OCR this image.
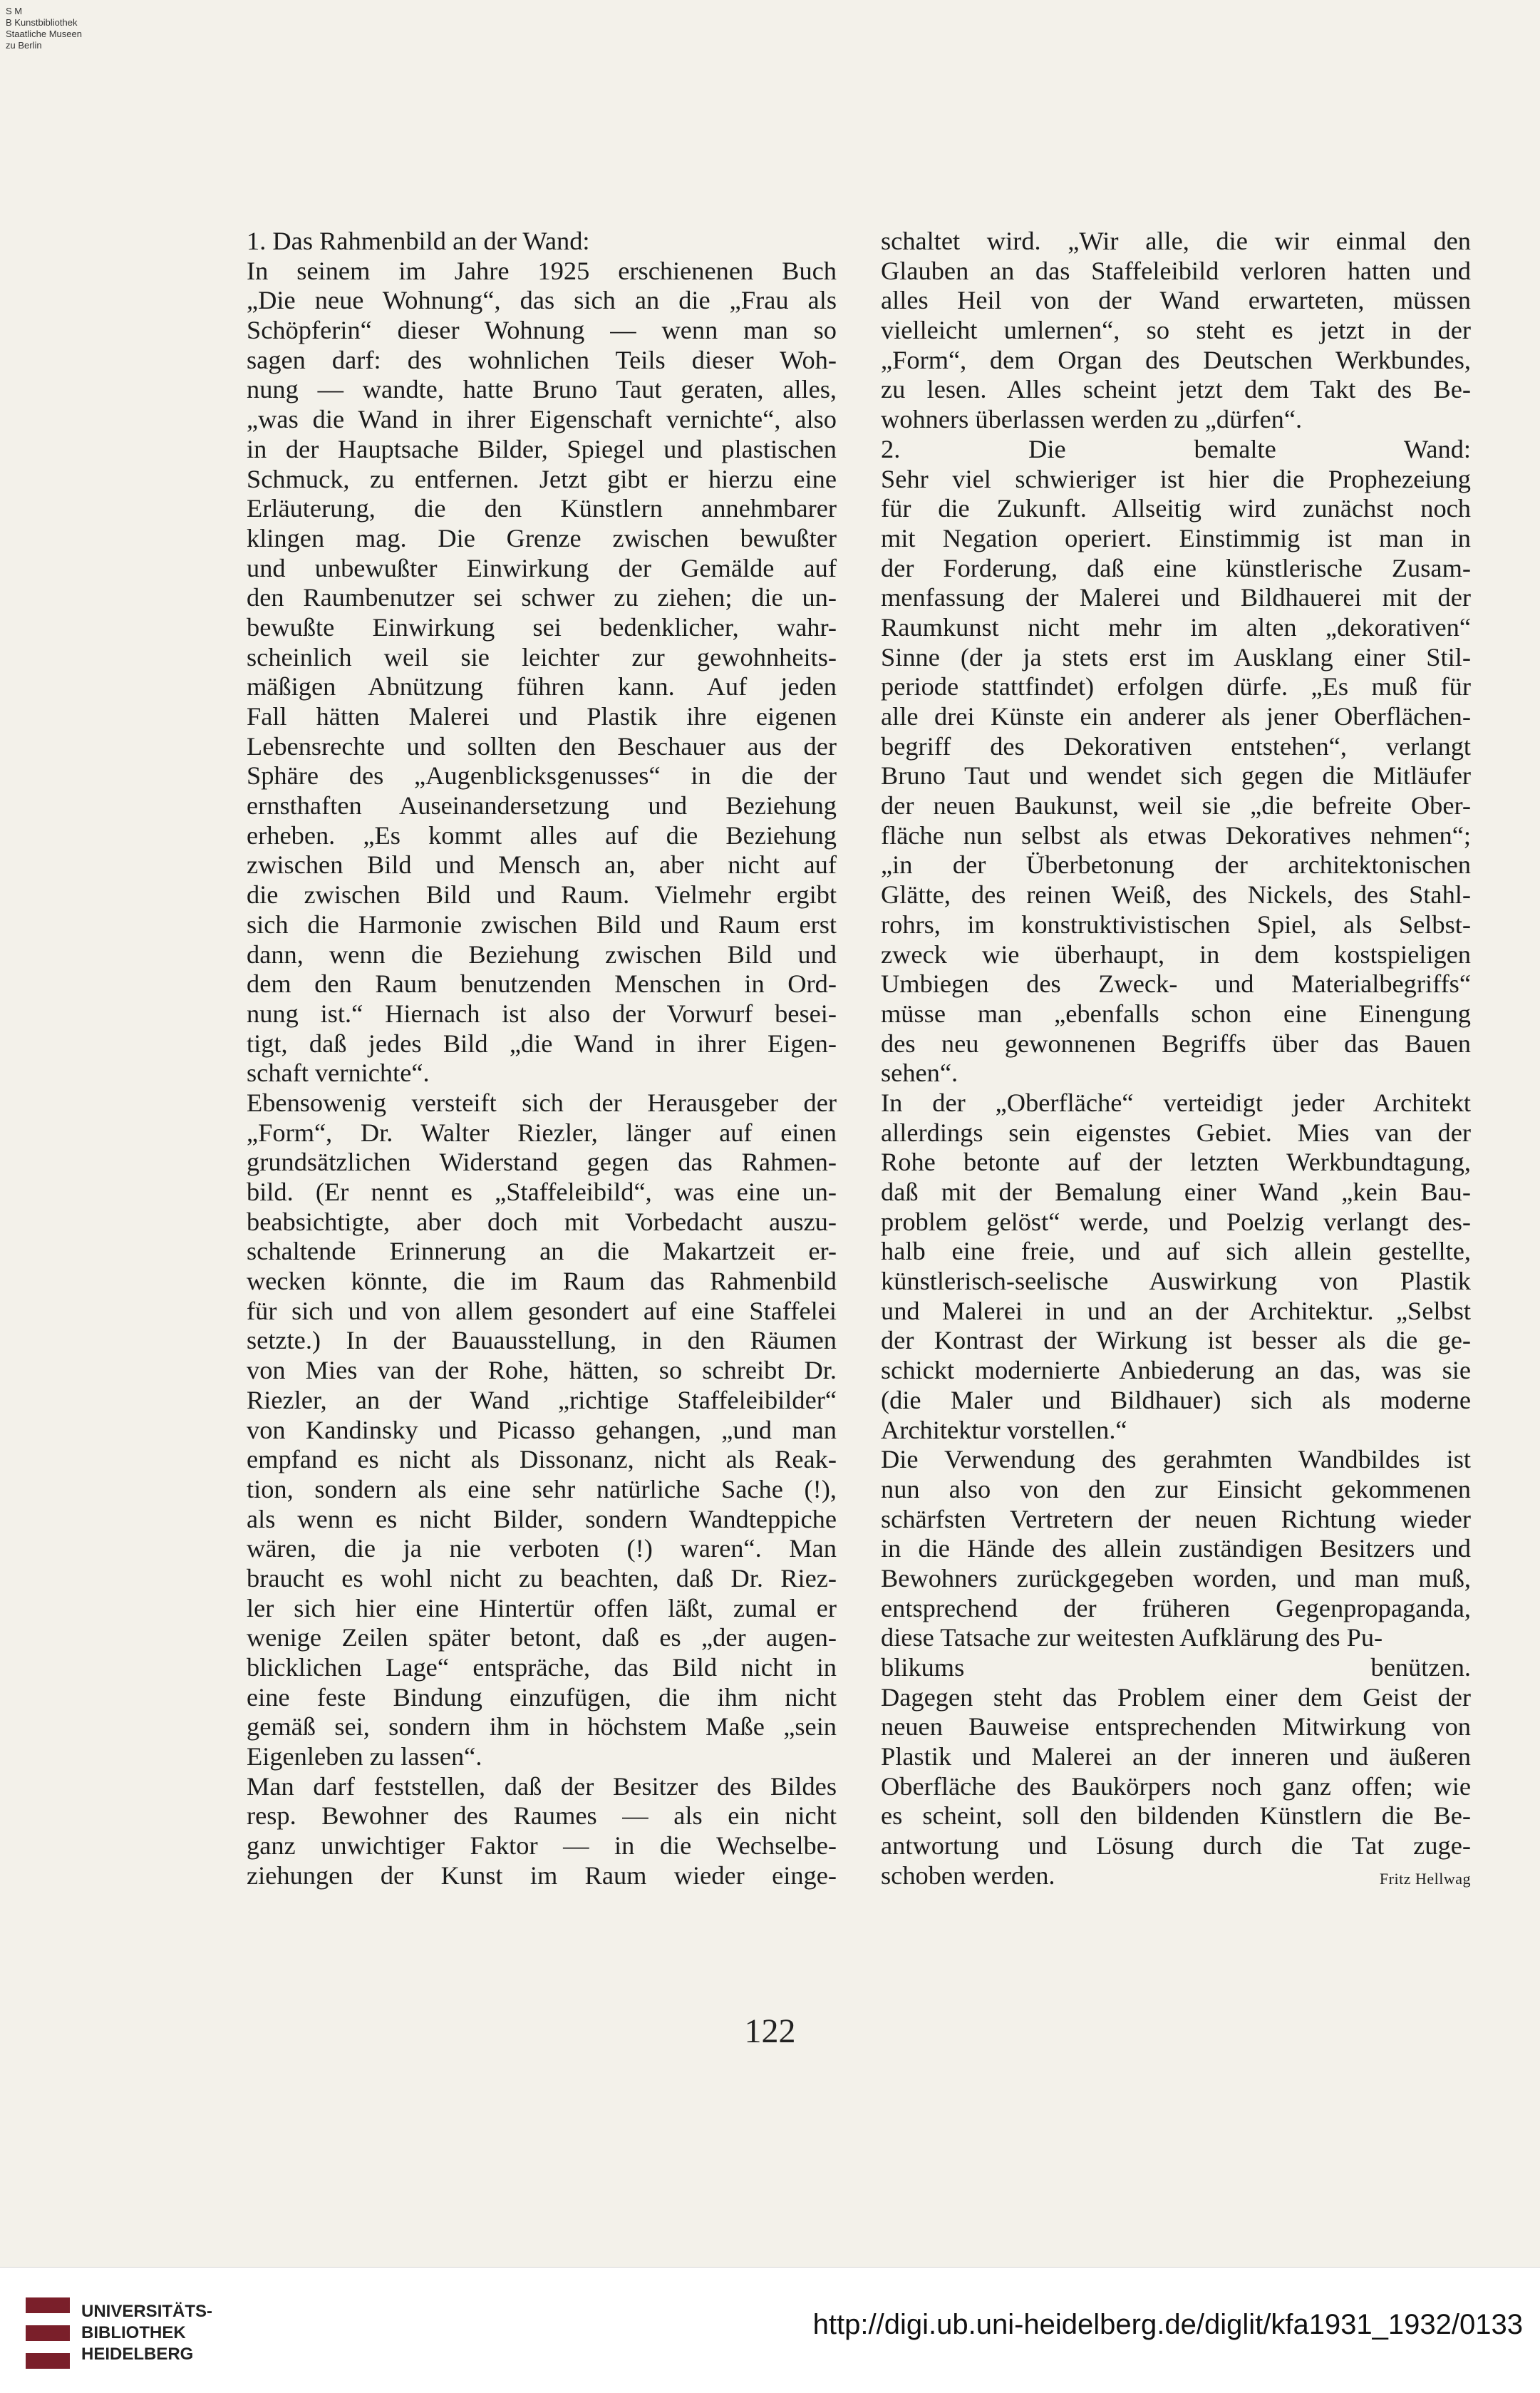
S M
B Kunstbibliothek
Staatliche Museen
zu Berlin
1. Das Rahmenbild an der Wand:
In seinem im Jahre 1925 erschienenen Buch
„Die neue Wohnung“, das sich an die „Frau als
Schöpferin“ dieser Wohnung — wenn man so
sagen darf: des wohnlichen Teils dieser Woh-
nung — wandte, hatte Bruno Taut geraten, alles,
„was die Wand in ihrer Eigenschaft vernichte“, also
in der Hauptsache Bilder, Spiegel und plastischen
Schmuck, zu entfernen. Jetzt gibt er hierzu eine
Erläuterung, die den Künstlern annehmbarer
klingen mag. Die Grenze zwischen bewußter
und unbewußter Einwirkung der Gemälde auf
den Raumbenutzer sei schwer zu ziehen; die un-
bewußte Einwirkung sei bedenklicher, wahr-
scheinlich weil sie leichter zur gewohnheits-
mäßigen Abnützung führen kann. Auf jeden
Fall hätten Malerei und Plastik ihre eigenen
Lebensrechte und sollten den Beschauer aus der
Sphäre des „Augenblicksgenusses“ in die der
ernsthaften Auseinandersetzung und Beziehung
erheben. „Es kommt alles auf die Beziehung
zwischen Bild und Mensch an, aber nicht auf
die zwischen Bild und Raum. Vielmehr ergibt
sich die Harmonie zwischen Bild und Raum erst
dann, wenn die Beziehung zwischen Bild und
dem den Raum benutzenden Menschen in Ord-
nung ist.“ Hiernach ist also der Vorwurf besei-
tigt, daß jedes Bild „die Wand in ihrer Eigen-
schaft vernichte“.
Ebensowenig versteift sich der Herausgeber der
„Form“, Dr. Walter Riezler, länger auf einen
grundsätzlichen Widerstand gegen das Rahmen-
bild. (Er nennt es „Staffeleibild“, was eine un-
beabsichtigte, aber doch mit Vorbedacht auszu-
schaltende Erinnerung an die Makartzeit er-
wecken könnte, die im Raum das Rahmenbild
für sich und von allem gesondert auf eine Staffelei
setzte.) In der Bauausstellung, in den Räumen
von Mies van der Rohe, hätten, so schreibt Dr.
Riezler, an der Wand „richtige Staffeleibilder“
von Kandinsky und Picasso gehangen, „und man
empfand es nicht als Dissonanz, nicht als Reak-
tion, sondern als eine sehr natürliche Sache (!),
als wenn es nicht Bilder, sondern Wandteppiche
wären, die ja nie verboten (!) waren“. Man
braucht es wohl nicht zu beachten, daß Dr. Riez-
ler sich hier eine Hintertür offen läßt, zumal er
wenige Zeilen später betont, daß es „der augen-
blicklichen Lage“ entspräche, das Bild nicht in
eine feste Bindung einzufügen, die ihm nicht
gemäß sei, sondern ihm in höchstem Maße „sein
Eigenleben zu lassen“.
Man darf feststellen, daß der Besitzer des Bildes
resp. Bewohner des Raumes — als ein nicht
ganz unwichtiger Faktor — in die Wechselbe-
ziehungen der Kunst im Raum wieder einge-
schaltet wird. „Wir alle, die wir einmal den
Glauben an das Staffeleibild verloren hatten und
alles Heil von der Wand erwarteten, müssen
vielleicht umlernen“, so steht es jetzt in der
„Form“, dem Organ des Deutschen Werkbundes,
zu lesen. Alles scheint jetzt dem Takt des Be-
wohners überlassen werden zu „dürfen“.
2. Die bemalte Wand:
Sehr viel schwieriger ist hier die Prophezeiung
für die Zukunft. Allseitig wird zunächst noch
mit Negation operiert. Einstimmig ist man in
der Forderung, daß eine künstlerische Zusam-
menfassung der Malerei und Bildhauerei mit der
Raumkunst nicht mehr im alten „dekorativen“
Sinne (der ja stets erst im Ausklang einer Stil-
periode stattfindet) erfolgen dürfe. „Es muß für
alle drei Künste ein anderer als jener Oberflächen-
begriff des Dekorativen entstehen“, verlangt
Bruno Taut und wendet sich gegen die Mitläufer
der neuen Baukunst, weil sie „die befreite Ober-
fläche nun selbst als etwas Dekoratives nehmen“;
„in der Überbetonung der architektonischen
Glätte, des reinen Weiß, des Nickels, des Stahl-
rohrs, im konstruktivistischen Spiel, als Selbst-
zweck wie überhaupt, in dem kostspieligen
Umbiegen des Zweck- und Materialbegriffs“
müsse man „ebenfalls schon eine Einengung
des neu gewonnenen Begriffs über das Bauen
sehen“.
In der „Oberfläche“ verteidigt jeder Architekt
allerdings sein eigenstes Gebiet. Mies van der
Rohe betonte auf der letzten Werkbundtagung,
daß mit der Bemalung einer Wand „kein Bau-
problem gelöst“ werde, und Poelzig verlangt des-
halb eine freie, und auf sich allein gestellte,
künstlerisch-seelische Auswirkung von Plastik
und Malerei in und an der Architektur. „Selbst
der Kontrast der Wirkung ist besser als die ge-
schickt modernierte Anbiederung an das, was sie
(die Maler und Bildhauer) sich als moderne
Architektur vorstellen.“
Die Verwendung des gerahmten Wandbildes ist
nun also von den zur Einsicht gekommenen
schärfsten Vertretern der neuen Richtung wieder
in die Hände des allein zuständigen Besitzers und
Bewohners zurückgegeben worden, und man muß,
entsprechend der früheren Gegenpropaganda,
diese Tatsache zur weitesten Aufklärung des Pu-
blikums benützen.
Dagegen steht das Problem einer dem Geist der
neuen Bauweise entsprechenden Mitwirkung von
Plastik und Malerei an der inneren und äußeren
Oberfläche des Baukörpers noch ganz offen; wie
es scheint, soll den bildenden Künstlern die Be-
antwortung und Lösung durch die Tat zuge-
schoben werden.	Fritz Hellwag
122
UNIVERSITÄTS-
BIBLIOTHEK
HEIDELBERG
http://digi.ub.uni-heidelberg.de/diglit/kfa1931_1932/0133
